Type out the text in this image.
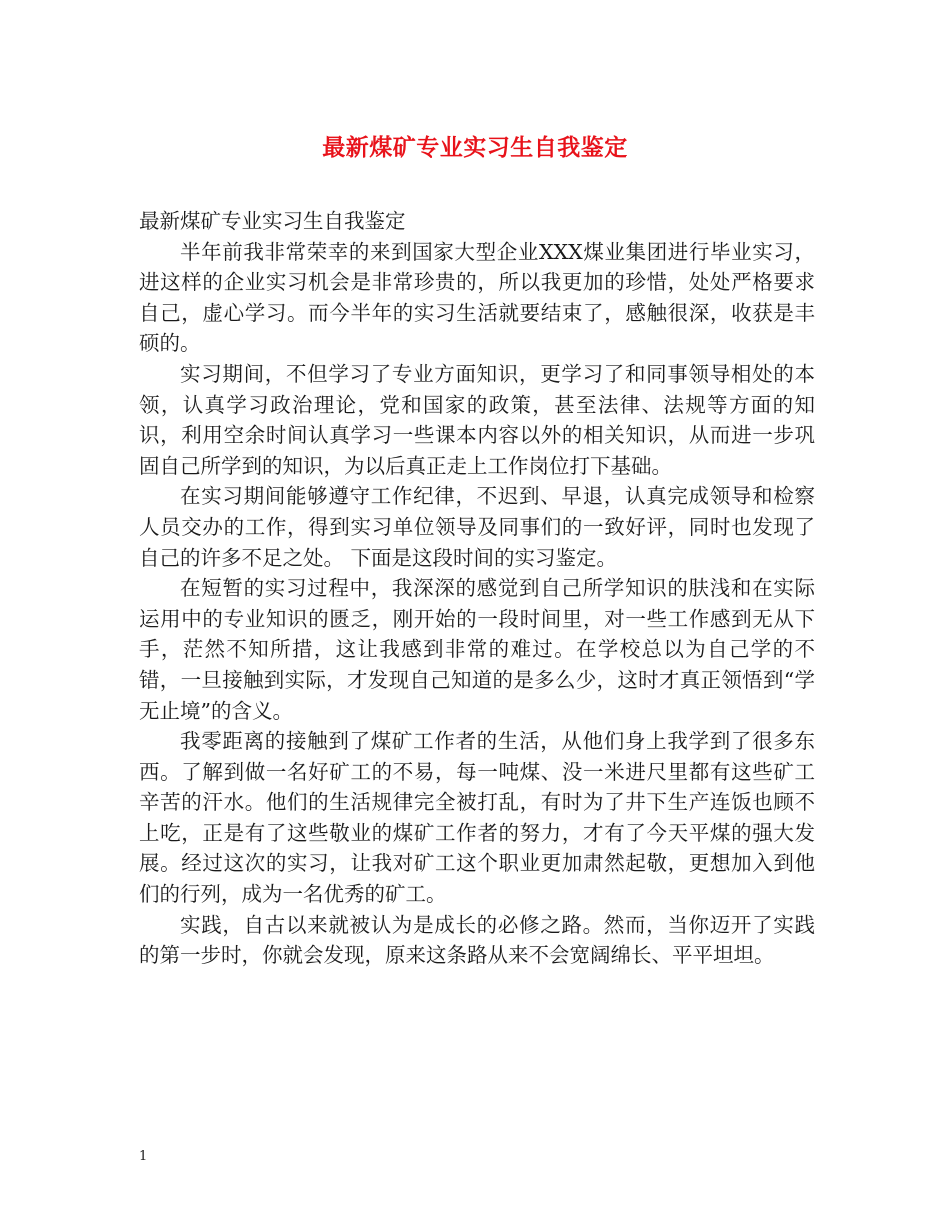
最新煤矿专业实习生自我鉴定

最新煤矿专业实习生自我鉴定

半年前我非常荣幸的来到国家大型企业XXX煤业集团进行毕业实习，进这样的企业实习机会是非常珍贵的，所以我更加的珍惜，处处严格要求自己，虚心学习。而今半年的实习生活就要结束了，感触很深，收获是丰硕的。

实习期间，不但学习了专业方面知识，更学习了和同事领导相处的本领，认真学习政治理论，党和国家的政策，甚至法律、法规等方面的知识，利用空余时间认真学习一些课本内容以外的相关知识，从而进一步巩固自己所学到的知识，为以后真正走上工作岗位打下基础。

在实习期间能够遵守工作纪律，不迟到、早退，认真完成领导和检察人员交办的工作，得到实习单位领导及同事们的一致好评，同时也发现了自己的许多不足之处。 下面是这段时间的实习鉴定。

在短暂的实习过程中，我深深的感觉到自己所学知识的肤浅和在实际运用中的专业知识的匮乏，刚开始的一段时间里，对一些工作感到无从下手，茫然不知所措，这让我感到非常的难过。在学校总以为自己学的不错，一旦接触到实际，才发现自己知道的是多么少，这时才真正领悟到“学无止境”的含义。

我零距离的接触到了煤矿工作者的生活，从他们身上我学到了很多东西。了解到做一名好矿工的不易，每一吨煤、没一米进尺里都有这些矿工辛苦的汗水。他们的生活规律完全被打乱，有时为了井下生产连饭也顾不上吃，正是有了这些敬业的煤矿工作者的努力，才有了今天平煤的强大发展。经过这次的实习，让我对矿工这个职业更加肃然起敬，更想加入到他们的行列，成为一名优秀的矿工。

实践，自古以来就被认为是成长的必修之路。然而，当你迈开了实践的第一步时，你就会发现，原来这条路从来不会宽阔绵长、平平坦坦。

1
